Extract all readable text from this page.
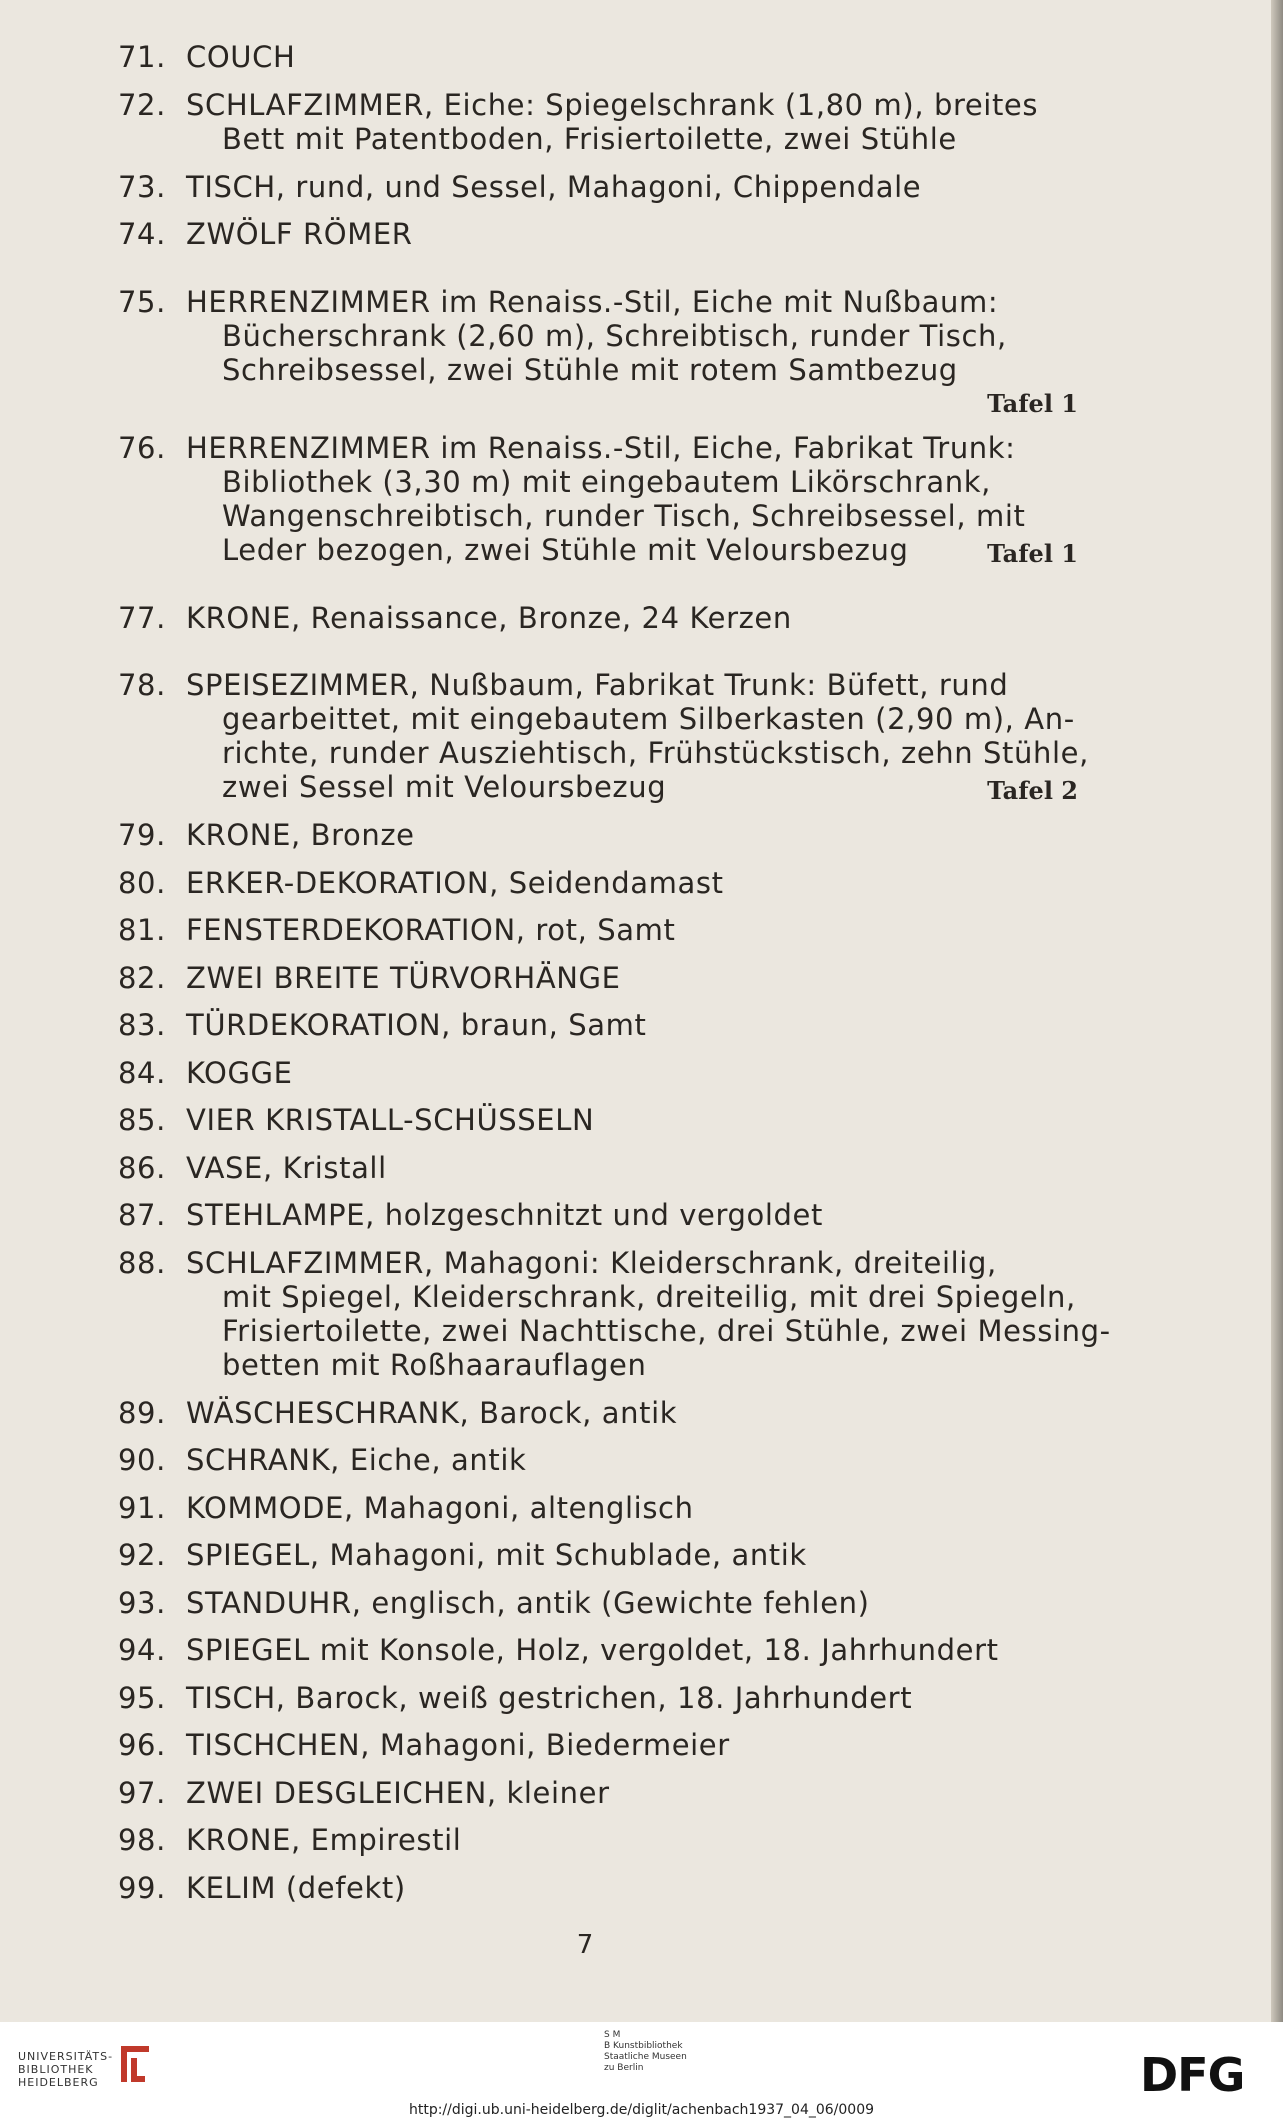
71. COUCH
72. SCHLAFZIMMER, Eiche: Spiegelschrank (1,80 m), breites
Bett mit Patentboden, Frisiertoilette, zwei Stühle
73. TISCH, rund, und Sessel, Mahagoni, Chippendale
74. ZWÖLF RÖMER
75. HERRENZIMMER im Renaiss.-Stil, Eiche mit Nußbaum:
Bücherschrank (2,60 m), Schreibtisch, runder Tisch,
Schreibsessel, zwei Stühle mit rotem Samtbezug
Tafel 1
76. HERRENZIMMER im Renaiss.-Stil, Eiche, Fabrikat Trunk:
Bibliothek (3,30 m) mit eingebautem Likörschrank,
Wangenschreibtisch, runder Tisch, Schreibsessel, mit
Leder bezogen, zwei Stühle mit Veloursbezug	Tafel 1
77. KRONE, Renaissance, Bronze, 24 Kerzen
78. SPEISEZIMMER, Nußbaum, Fabrikat Trunk: Büfett, rund
gearbeittet, mit eingebautem Silberkasten (2,90 m), An-
richte, runder Ausziehtisch, Frühstückstisch, zehn Stühle,
zwei Sessel mit Veloursbezug	Tafel 2
79. KRONE, Bronze
80. ERKER-DEKORATION, Seidendamast
81. FENSTERDEKORATION, rot, Samt
82. ZWEI BREITE TÜRVORHÄNGE
83. TÜRDEKORATION, braun, Samt
84. KOGGE
85. VIER KRISTALL-SCHÜSSELN
86. VASE, Kristall
87. STEHLAMPE, holzgeschnitzt und vergoldet
88. SCHLAFZIMMER, Mahagoni: Kleiderschrank, dreiteilig,
mit Spiegel, Kleiderschrank, dreiteilig, mit drei Spiegeln,
Frisiertoilette, zwei Nachttische, drei Stühle, zwei Messing-
betten mit Roßhaarauflagen
89. WÄSCHESCHRANK, Barock, antik
90. SCHRANK, Eiche, antik
91. KOMMODE, Mahagoni, altenglisch
92. SPIEGEL, Mahagoni, mit Schublade, antik
93. STANDUHR, englisch, antik (Gewichte fehlen)
94. SPIEGEL mit Konsole, Holz, vergoldet, 18. Jahrhundert
95. TISCH, Barock, weiß gestrichen, 18. Jahrhundert
96. TISCHCHEN, Mahagoni, Biedermeier
97. ZWEI DESGLEICHEN, kleiner
98. KRONE, Empirestil
99. KELIM (defekt)
7
UNIVERSITÄTS-
BIBLIOTHEK
HEIDELBERG
S M
B Kunstbibliothek
Staatliche Museen
zu Berlin	DFG
http://digi.ub.uni-heidelberg.de/diglit/achenbach1937_04_06/0009
